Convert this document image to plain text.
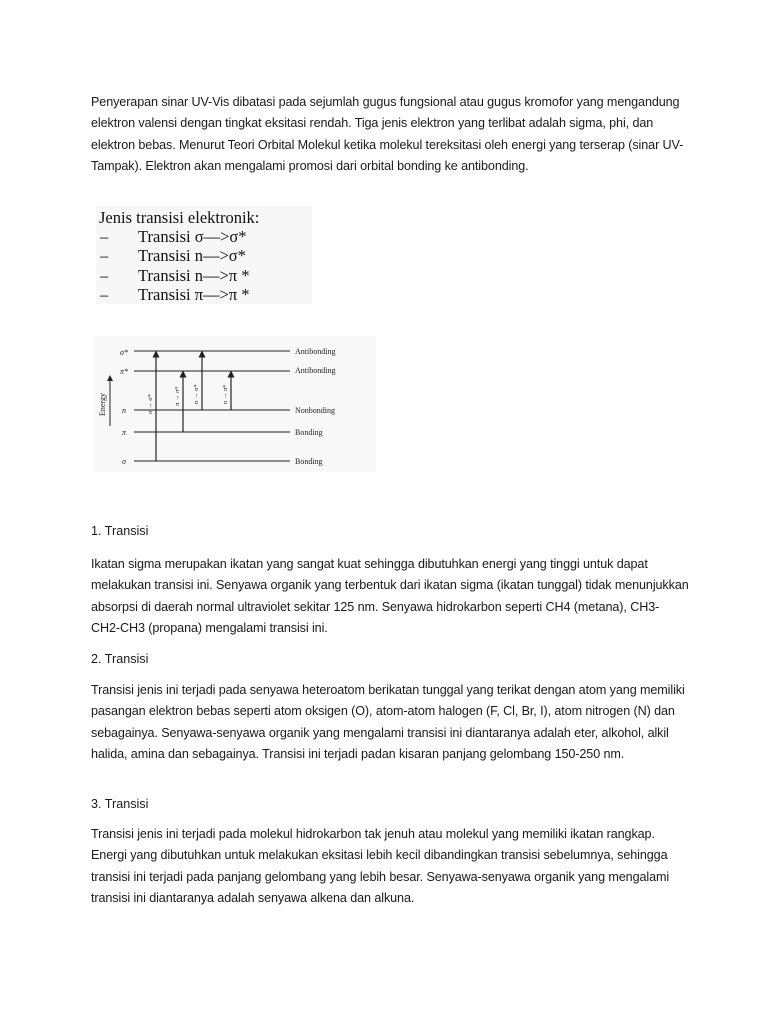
Penyerapan sinar UV-Vis dibatasi pada sejumlah gugus fungsional atau gugus kromofor yang mengandung elektron valensi dengan tingkat eksitasi rendah. Tiga jenis elektron yang terlibat adalah sigma, phi, dan elektron bebas. Menurut Teori Orbital Molekul ketika molekul tereksitasi oleh energi yang terserap (sinar UV- Tampak). Elektron akan mengalami promosi dari orbital bonding ke antibonding.

Jenis transisi elektronik:
– Transisi σ—>σ*
– Transisi n—>σ*
– Transisi n—>π *
– Transisi π—>π *
Energy
σ*
π*
n
π
σ
Antibonding
Antibonding
Nonbonding
Bonding
Bonding
σ → σ*	π → π* n → σ*	n → π*

1. Transisi

Ikatan sigma merupakan ikatan yang sangat kuat sehingga dibutuhkan energi yang tinggi untuk dapat melakukan transisi ini. Senyawa organik yang terbentuk dari ikatan sigma (ikatan tunggal) tidak menunjukkan absorpsi di daerah normal ultraviolet sekitar 125 nm. Senyawa hidrokarbon seperti CH4 (metana), CH3- CH2-CH3 (propana) mengalami transisi ini.

2. Transisi

Transisi jenis ini terjadi pada senyawa heteroatom berikatan tunggal yang terikat dengan atom yang memiliki pasangan elektron bebas seperti atom oksigen (O), atom-atom halogen (F, Cl, Br, I), atom nitrogen (N) dan sebagainya. Senyawa-senyawa organik yang mengalami transisi ini diantaranya adalah eter, alkohol, alkil halida, amina dan sebagainya. Transisi ini terjadi padan kisaran panjang gelombang 150-250 nm.

3. Transisi

Transisi jenis ini terjadi pada molekul hidrokarbon tak jenuh atau molekul yang memiliki ikatan rangkap. Energi yang dibutuhkan untuk melakukan eksitasi lebih kecil dibandingkan transisi sebelumnya, sehingga transisi ini terjadi pada panjang gelombang yang lebih besar. Senyawa-senyawa organik yang mengalami transisi ini diantaranya adalah senyawa alkena dan alkuna.
